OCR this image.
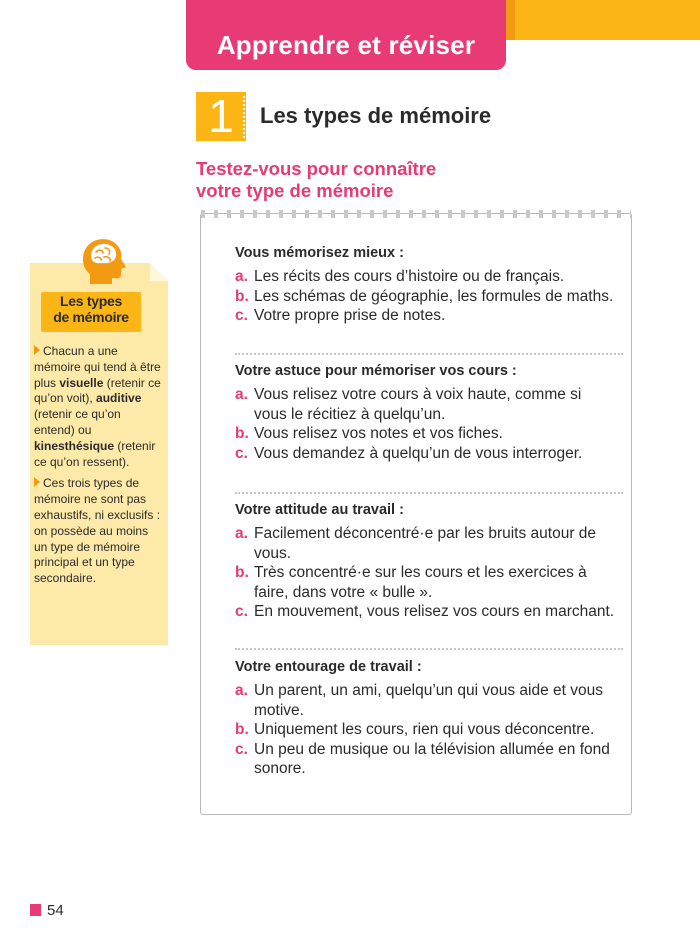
Apprendre et réviser
1	Les types de mémoire
Testez-vous pour connaître
votre type de mémoire
Les types
de mémoire

Chacun a une mémoire qui tend à être plus visuelle (retenir ce qu’on voit), auditive (retenir ce qu’on entend) ou kinesthésique (retenir ce qu’on ressent).

Ces trois types de mémoire ne sont pas exhaustifs, ni exclusifs : on possède au moins un type de mémoire principal et un type secondaire.

Vous mémorisez mieux :
a. Les récits des cours d’histoire ou de français.
b. Les schémas de géographie, les formules de maths.
c. Votre propre prise de notes.
Votre astuce pour mémoriser vos cours :
a. Vous relisez votre cours à voix haute, comme si vous le récitiez à quelqu’un.
b. Vous relisez vos notes et vos fiches.
c. Vous demandez à quelqu’un de vous interroger.
Votre attitude au travail :
a. Facilement déconcentré·e par les bruits autour de vous.
b. Très concentré·e sur les cours et les exercices à faire, dans votre « bulle ».
c. En mouvement, vous relisez vos cours en marchant.
Votre entourage de travail :
a. Un parent, un ami, quelqu’un qui vous aide et vous motive.
b. Uniquement les cours, rien qui vous déconcentre.
c. Un peu de musique ou la télévision allumée en fond sonore.
54
